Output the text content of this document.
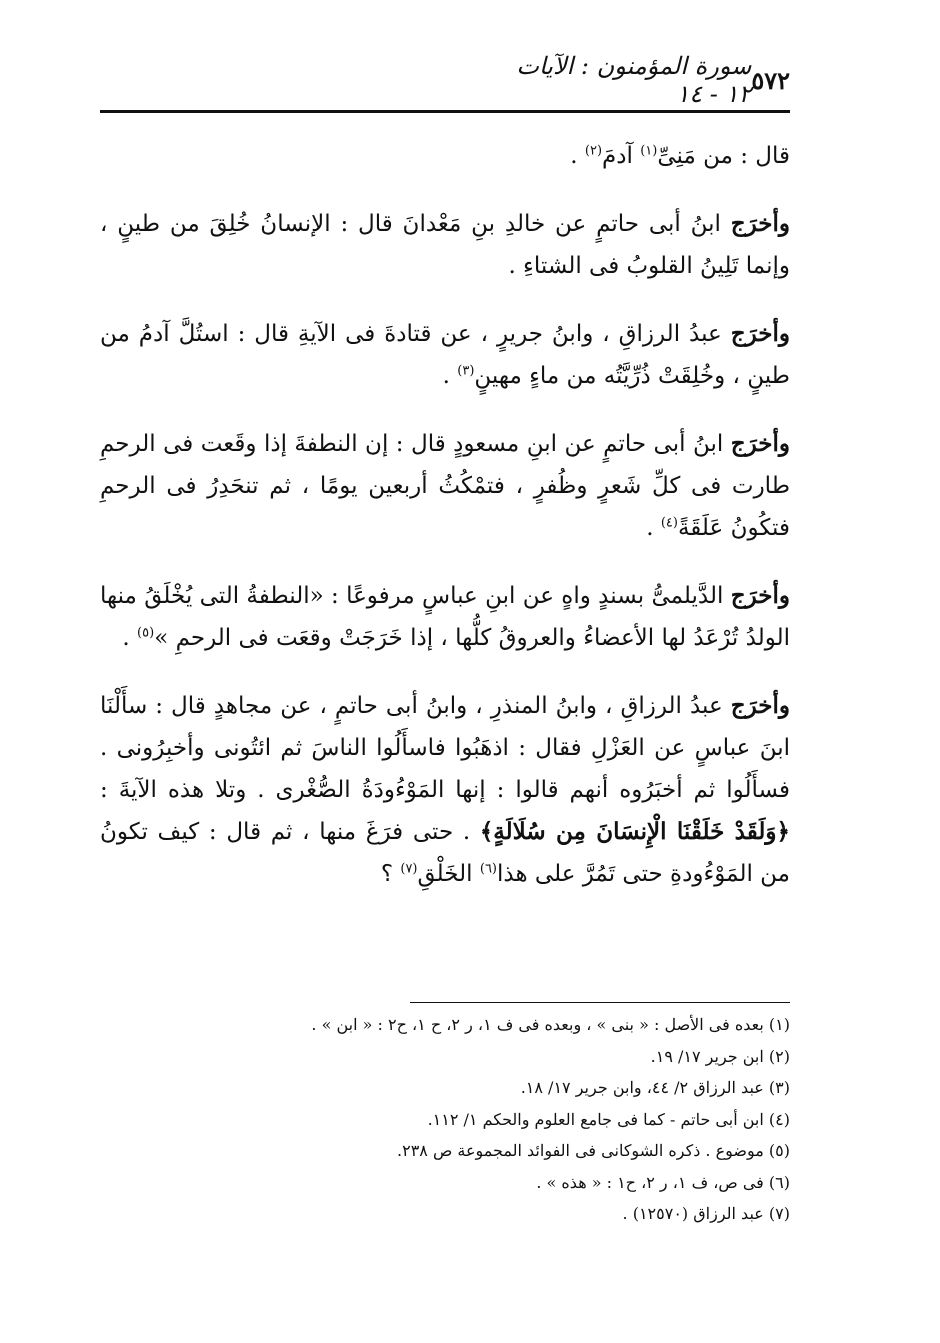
٥٧٢
سورة المؤمنون : الآيات ١٢ - ١٤

قال : من مَنِىِّ$^{(١)}$ آدمَ$^{(٢)}$ .

وأخرَج ابنُ أبى حاتمٍ عن خالدِ بنِ مَعْدانَ قال : الإنسانُ خُلِقَ من طينٍ ، وإنما تَلِينُ القلوبُ فى الشتاءِ .

وأخرَج عبدُ الرزاقِ ، وابنُ جريرٍ ، عن قتادةَ فى الآيةِ قال : استُلَّ آدمُ من طينٍ ، وخُلِقَتْ ذُرِّيَّتُه من ماءٍ مهينٍ$^{(٣)}$ .

وأخرَج ابنُ أبى حاتمٍ عن ابنِ مسعودٍ قال : إن النطفةَ إذا وقَعت فى الرحمِ طارت فى كلِّ شَعرٍ وظُفرٍ ، فتمْكُثُ أربعين يومًا ، ثم تنحَدِرُ فى الرحمِ فتكُونُ عَلَقَةً$^{(٤)}$ .

وأخرَج الدَّيلمىُّ بسندٍ واهٍ عن ابنِ عباسٍ مرفوعًا : «النطفةُ التى يُخْلَقُ منها الولدُ تُرْعَدُ لها الأعضاءُ والعروقُ كلُّها ، إذا خَرَجَتْ وقعَت فى الرحمِ »$^{(٥)}$ .

وأخرَج عبدُ الرزاقِ ، وابنُ المنذرِ ، وابنُ أبى حاتمٍ ، عن مجاهدٍ قال : سأَلْنَا ابنَ عباسٍ عن العَزْلِ فقال : اذهَبُوا فاسأَلُوا الناسَ ثم ائتُونى وأخبِرُونى . فسأَلُوا ثم أخبَرُوه أنهم قالوا : إنها المَوْءُودَةُ الصُّغْرى . وتلا هذه الآيةَ : ﴿وَلَقَدْ خَلَقْنَا الْإِنسَانَ مِن سُلَالَةٍ﴾ . حتى فرَغَ منها ، ثم قال : كيف تكونُ من المَوْءُودةِ حتى تَمُرَّ على هذا$^{(٦)}$ الخَلْقِ$^{(٧)}$ ؟

(١) بعده فى الأصل : « بنى » ، وبعده فى ف ١، ر ٢، ح ١، ح٢ : « ابن » .

(٢) ابن جرير ١٧/ ١٩.

(٣) عبد الرزاق ٢/ ٤٤، وابن جرير ١٧/ ١٨.

(٤) ابن أبى حاتم - كما فى جامع العلوم والحكم ١/ ١١٢.

(٥) موضوع . ذكره الشوكانى فى الفوائد المجموعة ص ٢٣٨.

(٦) فى ص، ف ١، ر ٢، ح١ : « هذه » .

(٧) عبد الرزاق (١٢٥٧٠) .
